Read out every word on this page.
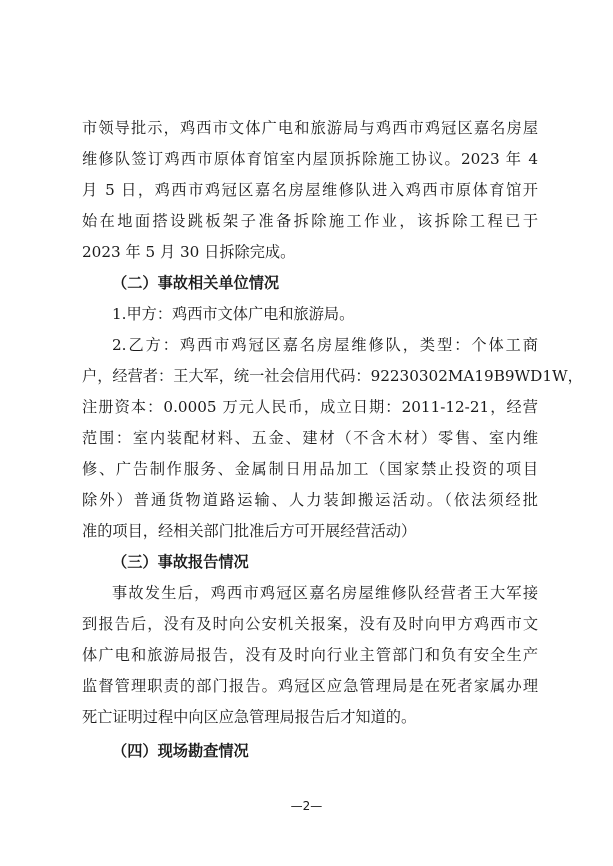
市领导批示，鸡西市文体广电和旅游局与鸡西市鸡冠区嘉名房屋
维修队签订鸡西市原体育馆室内屋顶拆除施工协议。2023 年 4
月 5 日，鸡西市鸡冠区嘉名房屋维修队进入鸡西市原体育馆开
始在地面搭设跳板架子准备拆除施工作业，该拆除工程已于
2023 年 5 月 30 日拆除完成。
（二）事故相关单位情况
1.甲方：鸡西市文体广电和旅游局。
2.乙方：鸡西市鸡冠区嘉名房屋维修队，类型：个体工商
户，经营者：王大军，统一社会信用代码：92230302MA19B9WD1W，
注册资本：0.0005 万元人民币，成立日期：2011-12-21，经营
范围：室内装配材料、五金、建材（不含木材）零售、室内维
修、广告制作服务、金属制日用品加工（国家禁止投资的项目
除外）普通货物道路运输、人力装卸搬运活动。（依法须经批
准的项目，经相关部门批准后方可开展经营活动）
（三）事故报告情况
事故发生后，鸡西市鸡冠区嘉名房屋维修队经营者王大军接
到报告后，没有及时向公安机关报案，没有及时向甲方鸡西市文
体广电和旅游局报告，没有及时向行业主管部门和负有安全生产
监督管理职责的部门报告。鸡冠区应急管理局是在死者家属办理
死亡证明过程中向区应急管理局报告后才知道的。
（四）现场勘查情况
—2—
